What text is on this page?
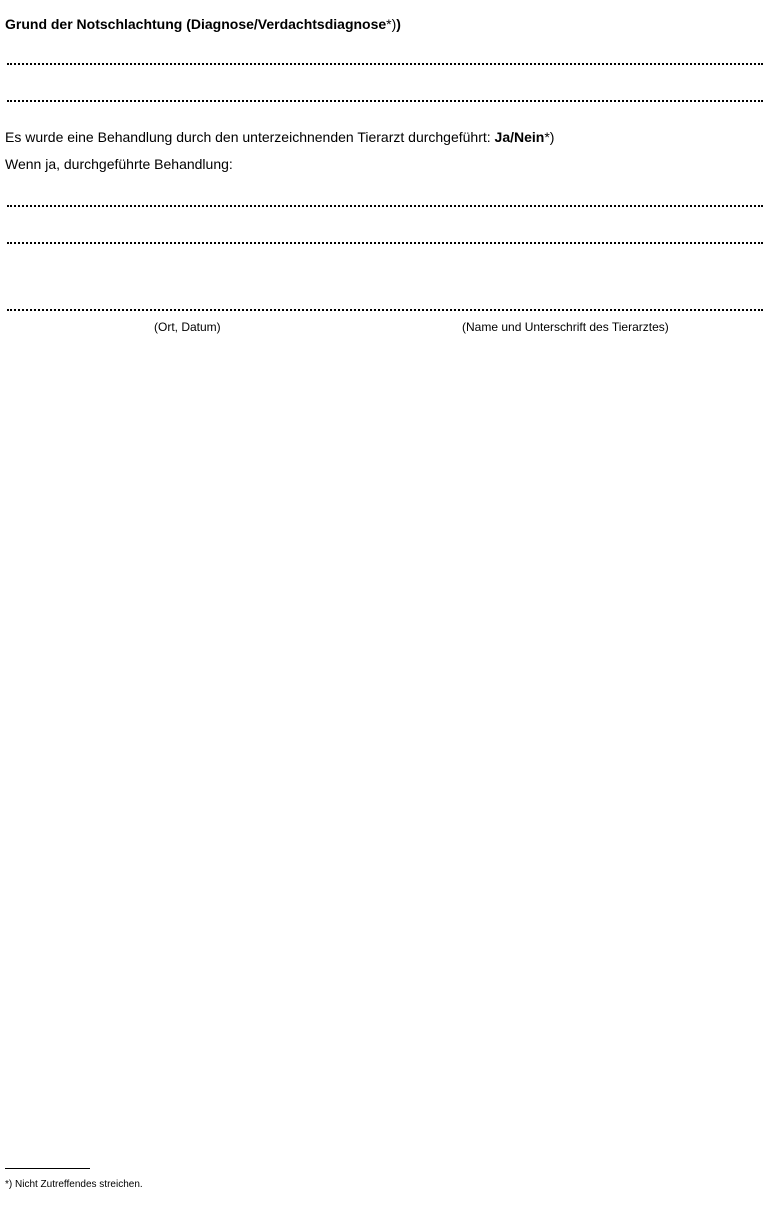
Grund der Notschlachtung (Diagnose/Verdachtsdiagnose*))
Es wurde eine Behandlung durch den unterzeichnenden Tierarzt durchgeführt: Ja/Nein*)
Wenn ja, durchgeführte Behandlung:
(Ort, Datum)	(Name und Unterschrift des Tierarztes)
*) Nicht Zutreffendes streichen.
